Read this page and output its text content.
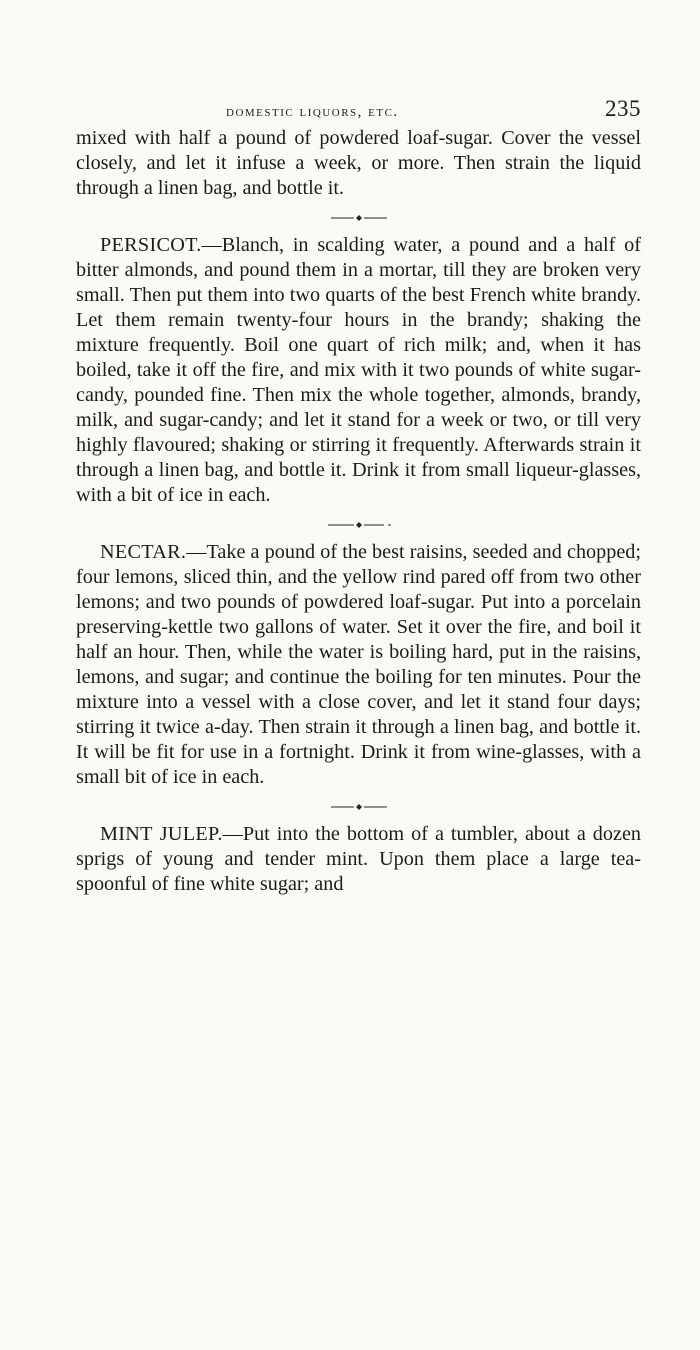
domestic liquors, etc.	235

mixed with half a pound of powdered loaf-sugar. Cover the vessel closely, and let it infuse a week, or more. Then strain the liquid through a linen bag, and bottle it.

PERSICOT.—Blanch, in scalding water, a pound and a half of bitter almonds, and pound them in a mortar, till they are broken very small. Then put them into two quarts of the best French white brandy. Let them remain twenty-four hours in the brandy; shaking the mixture frequently. Boil one quart of rich milk; and, when it has boiled, take it off the fire, and mix with it two pounds of white sugar-candy, pounded fine. Then mix the whole together, almonds, brandy, milk, and sugar-candy; and let it stand for a week or two, or till very highly flavoured; shaking or stirring it frequently. Afterwards strain it through a linen bag, and bottle it. Drink it from small liqueur-glasses, with a bit of ice in each.

NECTAR.—Take a pound of the best raisins, seeded and chopped; four lemons, sliced thin, and the yellow rind pared off from two other lemons; and two pounds of powdered loaf-sugar. Put into a porcelain preserving-kettle two gallons of water. Set it over the fire, and boil it half an hour. Then, while the water is boiling hard, put in the raisins, lemons, and sugar; and continue the boiling for ten minutes. Pour the mixture into a vessel with a close cover, and let it stand four days; stirring it twice a-day. Then strain it through a linen bag, and bottle it. It will be fit for use in a fortnight. Drink it from wine-glasses, with a small bit of ice in each.

MINT JULEP.—Put into the bottom of a tumbler, about a dozen sprigs of young and tender mint. Upon them place a large tea-spoonful of fine white sugar; and
